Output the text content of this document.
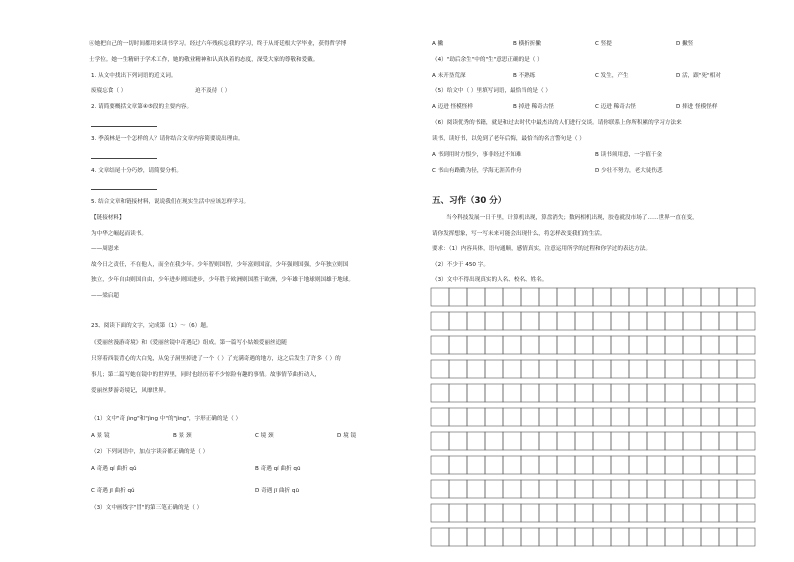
⑥她把自己的一切时间都用来读书学习。经过六年残疾忘我的学习，终于从哥廷根大学毕业，获得哲学博
士学位。她一生精研于学术工作，她的敬业精神和认真执着的态度，深受大家的尊敬和爱戴。
1. 从文中找出下列词语的近义词。
废寝忘食（ ）	迫不及待（ ）
2. 请简要概括文章第④⑤段的主要内容。
3. 季羡林是一个怎样的人？请你结合文章内容简要说出理由。
4. 文章结尾十分巧妙，请简要分析。
5. 结合文章和链接材料，说说我们在现实生活中应该怎样学习。
【链接材料】
为中华之崛起而读书。
——周恩来
故今日之责任，不在他人，而全在我少年。少年智则国智，少年富则国富，少年强则国强，少年独立则国
独立，少年自由则国自由，少年进步则国进步，少年胜于欧洲则国胜于欧洲，少年雄于地球则国雄于地球。
——梁启超
23、阅读下面的文字，完成第（1）～（6）题。
《爱丽丝漫游奇境》和《爱丽丝镜中奇遇记》组成。第一篇写小姑娘爱丽丝追随
只穿着西装背心的大白兔，从兔子洞里掉进了一个（ ）了充满奇遇的地方，这之后发生了许多（ ）的
事儿；第二篇写她在镜中的世界里，同时也经历着不少惊险有趣的事情。故事情节曲折动人，
爱丽丝梦游奇境记，风靡世界。
（1）文中"奇 jìng"和"jìng 中"的"jìng"，字形正确的是（ ）
A 景 镜	B 景 颈	C 境 颈	D 境 镜
（2）下列词语中，加点字读音都正确的是（ ）
A 奇遇 qí 曲折 qǔ	B 奇遇 qí 曲折 qū
C 奇遇 jī 曲折 qǔ	D 奇遇 jī 曲折 qū
（3）文中画线字"冒"的第三笔正确的是（ ）
A 撇	B 横折折撇	C 竖提	D 撇竖
（4）"劫后余生"中的"生"意思正确的是（ ）
A 未开垦荒深	B 不熟练	C 发生，产生	D 活，跟"死"相对
（5）给文中（ ）里填写词语，最恰当的是（ ）
A 迈进 怪模怪样	B 掉进 稀奇古怪	C 迈进 稀奇古怪	D 摔进 怪模怪样
（6）阅读优秀的书籍，就是和过去时代中最杰出的人们进行交谈。请你联系上你所积累的学习方法来
读书，读好书，以免到了老年后悔，最恰当的名言警句是（ ）
A 书到用时方恨少，事非经过不知难	B 读书须用意，一字值千金
C 书山有路勤为径，学海无涯苦作舟	D 少壮不努力，老大徒伤悲
五、习作（30 分）
当今科技发展一日千里，计算机出现，算盘消失；数码相机出现，胶卷就没市场了……世界一直在变，
请你发挥想象，写一写未来可能会出现什么，将怎样改变我们的生活。
要求：（1）内容具体，语句通顺，感情真实，注意运用所学的过程和你学过的表达方法。
（2）不少于 450 字。
（3）文中不得出现真实的人名、校名、姓名。
